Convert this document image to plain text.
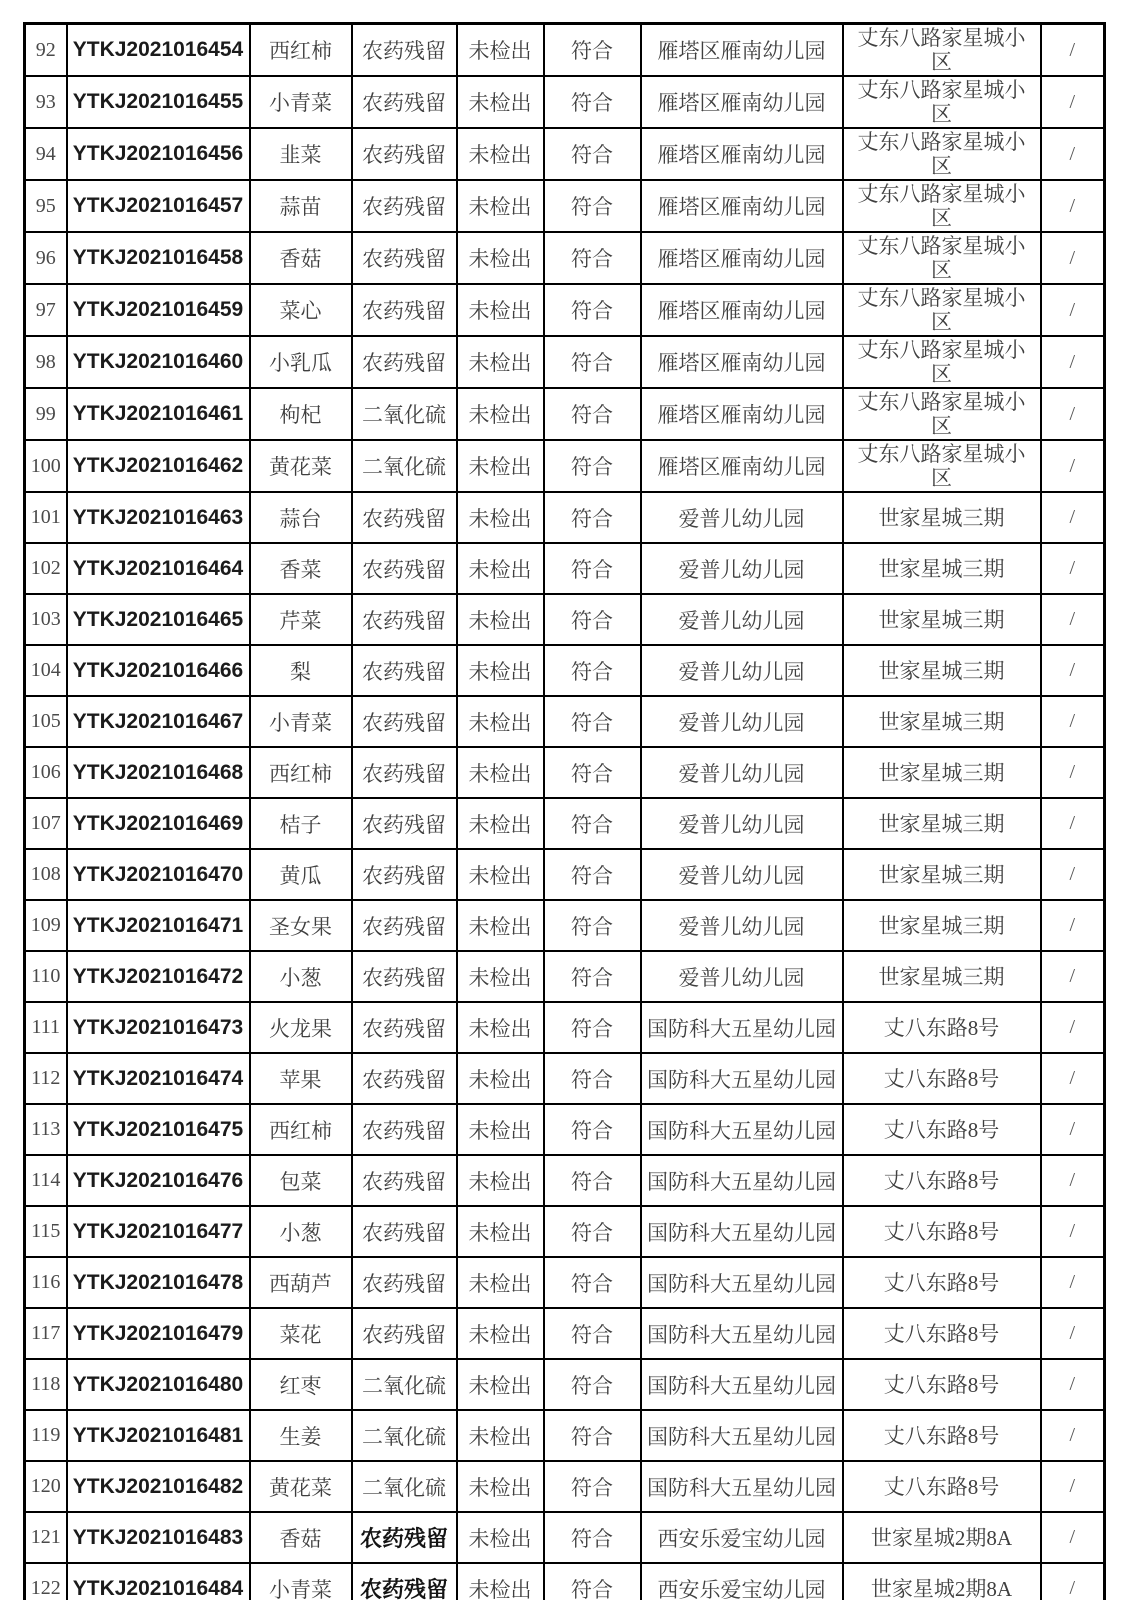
92	YTKJ2021016454	西红柿	农药残留	未检出	符合	雁塔区雁南幼儿园	丈东八路家星城小区	/
93	YTKJ2021016455	小青菜	农药残留	未检出	符合	雁塔区雁南幼儿园	丈东八路家星城小区	/
94	YTKJ2021016456	韭菜	农药残留	未检出	符合	雁塔区雁南幼儿园	丈东八路家星城小区	/
95	YTKJ2021016457	蒜苗	农药残留	未检出	符合	雁塔区雁南幼儿园	丈东八路家星城小区	/
96	YTKJ2021016458	香菇	农药残留	未检出	符合	雁塔区雁南幼儿园	丈东八路家星城小区	/
97	YTKJ2021016459	菜心	农药残留	未检出	符合	雁塔区雁南幼儿园	丈东八路家星城小区	/
98	YTKJ2021016460	小乳瓜	农药残留	未检出	符合	雁塔区雁南幼儿园	丈东八路家星城小区	/
99	YTKJ2021016461	枸杞	二氧化硫	未检出	符合	雁塔区雁南幼儿园	丈东八路家星城小区	/
100	YTKJ2021016462	黄花菜	二氧化硫	未检出	符合	雁塔区雁南幼儿园	丈东八路家星城小区	/
101	YTKJ2021016463	蒜台	农药残留	未检出	符合	爱普儿幼儿园	世家星城三期	/
102	YTKJ2021016464	香菜	农药残留	未检出	符合	爱普儿幼儿园	世家星城三期	/
103	YTKJ2021016465	芹菜	农药残留	未检出	符合	爱普儿幼儿园	世家星城三期	/
104	YTKJ2021016466	梨	农药残留	未检出	符合	爱普儿幼儿园	世家星城三期	/
105	YTKJ2021016467	小青菜	农药残留	未检出	符合	爱普儿幼儿园	世家星城三期	/
106	YTKJ2021016468	西红柿	农药残留	未检出	符合	爱普儿幼儿园	世家星城三期	/
107	YTKJ2021016469	桔子	农药残留	未检出	符合	爱普儿幼儿园	世家星城三期	/
108	YTKJ2021016470	黄瓜	农药残留	未检出	符合	爱普儿幼儿园	世家星城三期	/
109	YTKJ2021016471	圣女果	农药残留	未检出	符合	爱普儿幼儿园	世家星城三期	/
110	YTKJ2021016472	小葱	农药残留	未检出	符合	爱普儿幼儿园	世家星城三期	/
111	YTKJ2021016473	火龙果	农药残留	未检出	符合	国防科大五星幼儿园	丈八东路8号	/
112	YTKJ2021016474	苹果	农药残留	未检出	符合	国防科大五星幼儿园	丈八东路8号	/
113	YTKJ2021016475	西红柿	农药残留	未检出	符合	国防科大五星幼儿园	丈八东路8号	/
114	YTKJ2021016476	包菜	农药残留	未检出	符合	国防科大五星幼儿园	丈八东路8号	/
115	YTKJ2021016477	小葱	农药残留	未检出	符合	国防科大五星幼儿园	丈八东路8号	/
116	YTKJ2021016478	西葫芦	农药残留	未检出	符合	国防科大五星幼儿园	丈八东路8号	/
117	YTKJ2021016479	菜花	农药残留	未检出	符合	国防科大五星幼儿园	丈八东路8号	/
118	YTKJ2021016480	红枣	二氧化硫	未检出	符合	国防科大五星幼儿园	丈八东路8号	/
119	YTKJ2021016481	生姜	二氧化硫	未检出	符合	国防科大五星幼儿园	丈八东路8号	/
120	YTKJ2021016482	黄花菜	二氧化硫	未检出	符合	国防科大五星幼儿园	丈八东路8号	/
121	YTKJ2021016483	香菇	农药残留	未检出	符合	西安乐爱宝幼儿园	世家星城2期8A	/
122	YTKJ2021016484	小青菜	农药残留	未检出	符合	西安乐爱宝幼儿园	世家星城2期8A	/
